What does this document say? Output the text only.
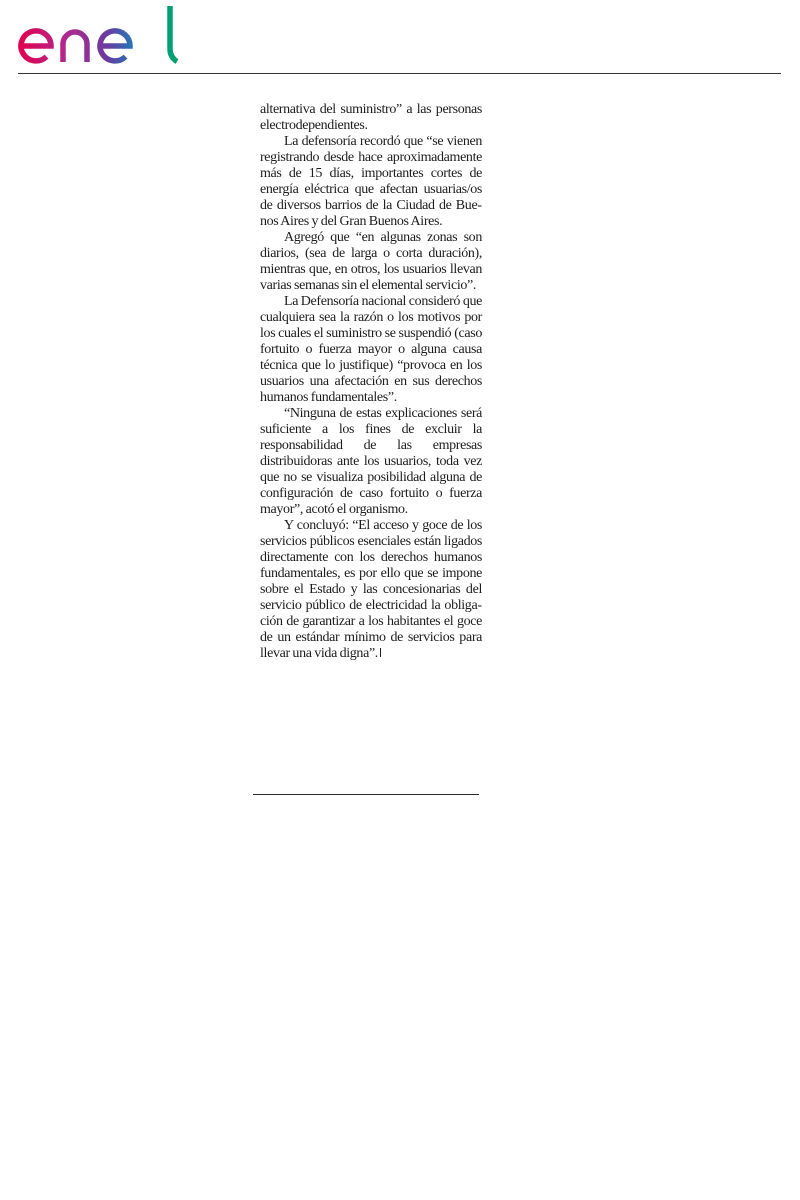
alternativa del suministro” a las personas electrodependientes.

La defensoría recordó que “se vienen registrando desde hace aproximadamente más de 15 días, importantes cortes de energía eléctrica que afectan usuarias/os de diversos barrios de la Ciudad de Buenos Aires y del Gran Buenos Aires.

Agregó que “en algunas zonas son diarios, (sea de larga o corta duración), mientras que, en otros, los usuarios llevan varias semanas sin el elemental servicio”.

La Defensoría nacional consideró que cualquiera sea la razón o los motivos por los cuales el suministro se suspendió (caso fortuito o fuerza mayor o alguna causa técnica que lo justifique) “provoca en los usuarios una afectación en sus derechos humanos fundamentales”.

“Ninguna de estas explicaciones será suficiente a los fines de excluir la responsabilidad de las empresas distribuidoras ante los usuarios, toda vez que no se visualiza posibilidad alguna de configuración de caso fortuito o fuerza mayor”, acotó el organismo.

Y concluyó: “El acceso y goce de los servicios públicos esenciales están ligados directamente con los derechos humanos fundamentales, es por ello que se impone sobre el Estado y las concesionarias del servicio público de electricidad la obligación de garantizar a los habitantes el goce de un estándar mínimo de servicios para llevar una vida digna”.
